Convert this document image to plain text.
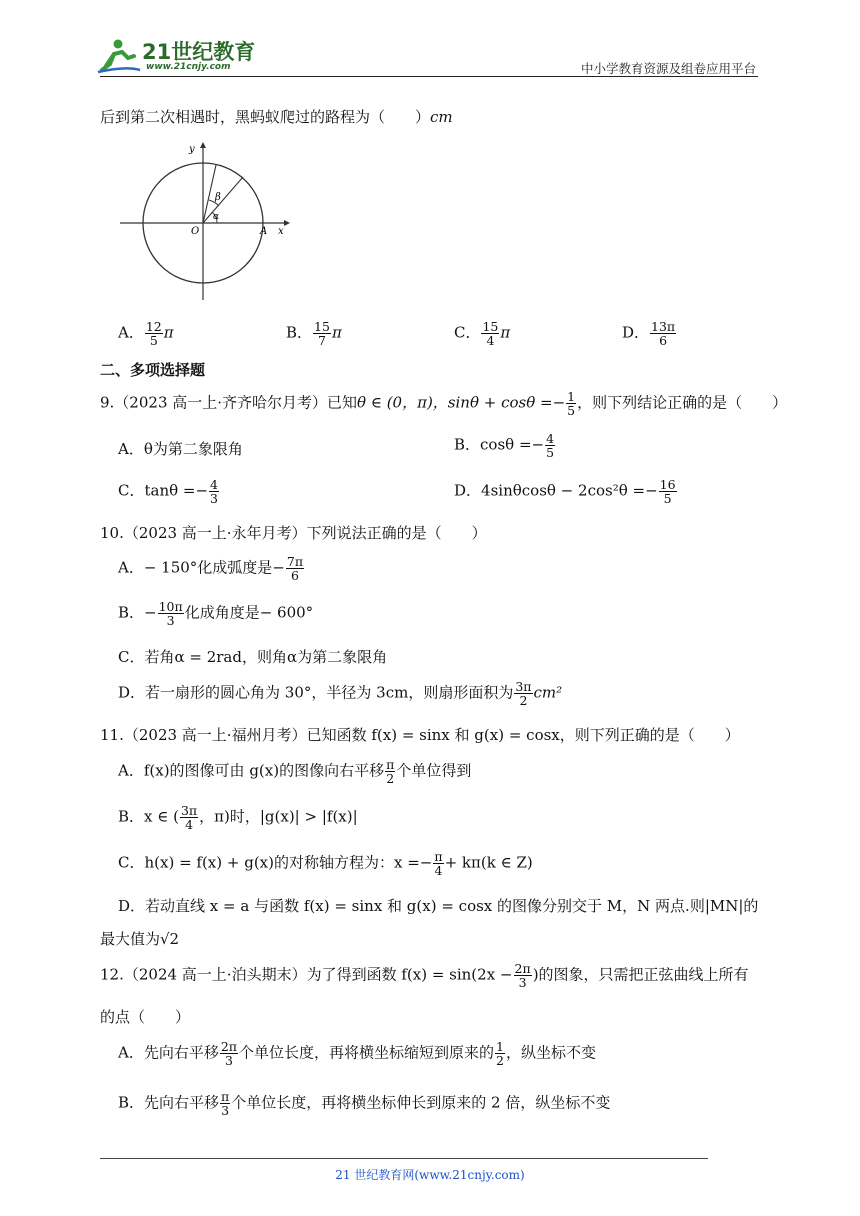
21世纪教育
www.21cnjy.com	中小学教育资源及组卷应用平台
后到第二次相遇时，黑蚂蚁爬过的路程为（　　）cm
y
x
O	A
α
β
A． $\frac{12}{5}$ π	B． $\frac{15}{7}$ π	C． $\frac{15}{4}$ π	D． $\frac{13\pi}{6}$
二、多项选择题
9.（2023 高一上·齐齐哈尔月考）已知θ ∈ (0，π)，$\sin\theta + \cos\theta =- \frac{1}{5}$ ，则下列结论正确的是（　　）
A．θ为第二象限角	B．$\cos\theta =- \frac{4}{5}$
C．$\tan\theta =- \frac{4}{3}$	D．$4\sin\theta\cos\theta - 2\cos^2\theta =- \frac{16}{5}$
10.（2023 高一上·永年月考）下列说法正确的是（　　）
A．− 150°化成弧度是− $\frac{7\pi}{6}$
B．− $\frac{10\pi}{3}$ 化成角度是− 600°
C．若角α = 2rad，则角α为第二象限角
D．若一扇形的圆心角为 30°，半径为 3cm，则扇形面积为 $\frac{3\pi}{2} cm^2$
11.（2023 高一上·福州月考）已知函数 f(x) = sinx 和 g(x) = cosx，则下列正确的是（　　）
A．f(x)的图像可由 g(x)的图像向右平移 $\frac{\pi}{2}$ 个单位得到
B．x ∈ ( $\frac{3\pi}{4}$ ，π)时，|g(x)| > |f(x)|
C．h(x) = f(x) + g(x)的对称轴方程为：$x =- \frac{\pi}{4} + k\pi(k$ ∈ Z)
D．若动直线 x = a 与函数 f(x) = sinx 和 g(x) = cosx 的图像分别交于 M，N 两点.则|MN|的
最大值为√2
12.（2024 高一上·泊头期末）为了得到函数 $f(x) = \sin(2x - \frac{2\pi}{3}$ )的图象，只需把正弦曲线上所有
的点（　　）
A．先向右平移 $\frac{2\pi}{3}$ 个单位长度，再将横坐标缩短到原来的 $\frac{1}{2}$ ，纵坐标不变
B．先向右平移 $\frac{\pi}{3}$ 个单位长度，再将横坐标伸长到原来的 2 倍，纵坐标不变
21 世纪教育网(www.21cnjy.com)
